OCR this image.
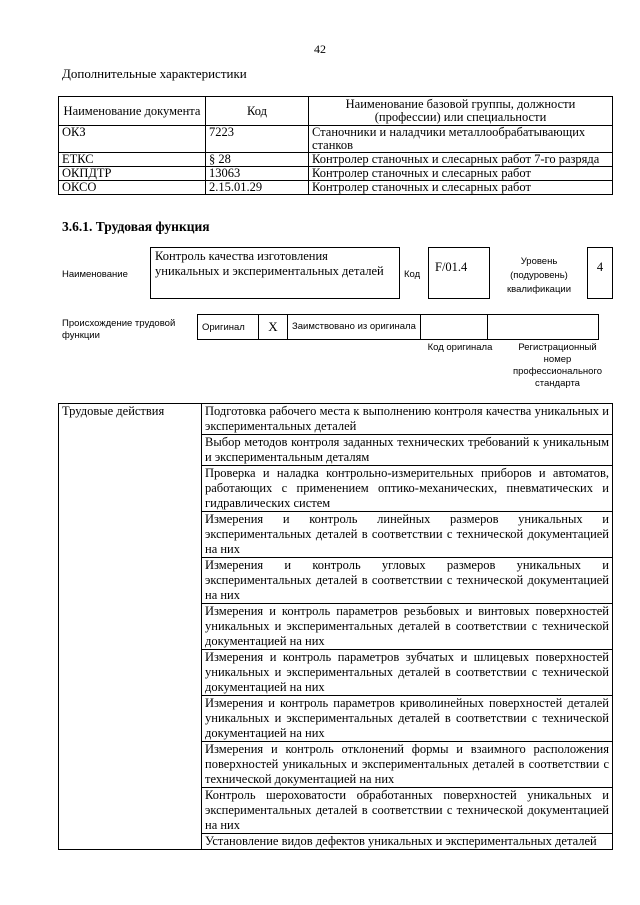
42
Дополнительные характеристики
Наименование документа	Код	Наименование базовой группы, должности (профессии) или специальности
ОКЗ	7223	Станочники и наладчики металлообрабатывающих станков
ЕТКС	§ 28	Контролер станочных и слесарных работ 7-го разряда
ОКПДТР	13063	Контролер станочных и слесарных работ
ОКСО	2.15.01.29	Контролер станочных и слесарных работ
3.6.1. Трудовая функция
Наименование
Контроль качества изготовления уникальных и экспериментальных деталей	Код
F/01.4	Уровень (подуровень) квалификации
4
Происхождение трудовой функции
Оригинал	X	Заимствовано из оригинала		
Код оригинала	Регистрационный номер профессионального стандарта
Трудовые действия	Подготовка рабочего места к выполнению контроля качества уникальных и экспериментальных деталей
Выбор методов контроля заданных технических требований к уникальным и экспериментальным деталям
Проверка и наладка контрольно-измерительных приборов и автоматов, работающих с применением оптико-механических, пневматических и гидравлических систем
Измерения и контроль линейных размеров уникальных и экспериментальных деталей в соответствии с технической документацией на них
Измерения и контроль угловых размеров уникальных и экспериментальных деталей в соответствии с технической документацией на них
Измерения и контроль параметров резьбовых и винтовых поверхностей уникальных и экспериментальных деталей в соответствии с технической документацией на них
Измерения и контроль параметров зубчатых и шлицевых поверхностей уникальных и экспериментальных деталей в соответствии с технической документацией на них
Измерения и контроль параметров криволинейных поверхностей деталей уникальных и экспериментальных деталей в соответствии с технической документацией на них
Измерения и контроль отклонений формы и взаимного расположения поверхностей уникальных и экспериментальных деталей в соответствии с технической документацией на них
Контроль шероховатости обработанных поверхностей уникальных и экспериментальных деталей в соответствии с технической документацией на них
Установление видов дефектов уникальных и экспериментальных деталей
